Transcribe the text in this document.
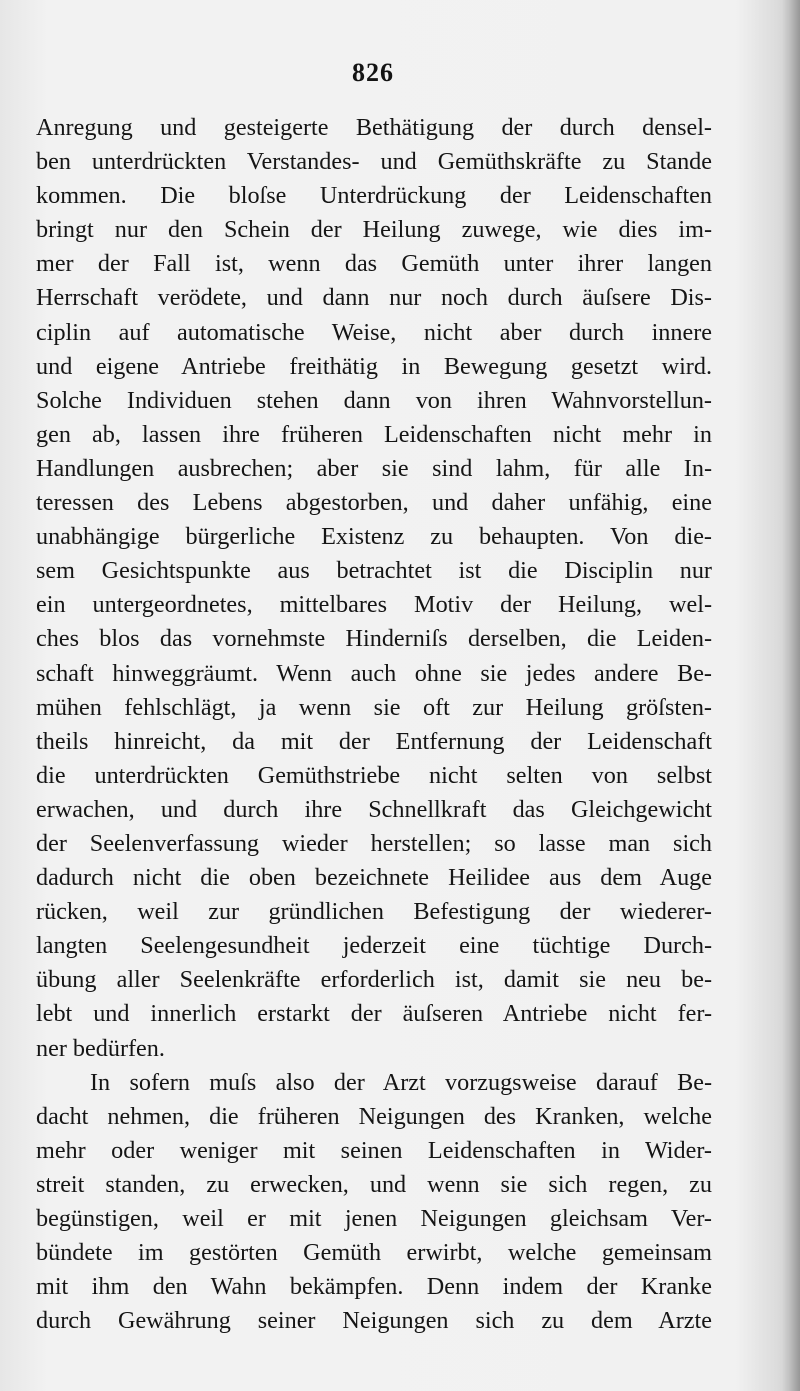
826
Anregung und gesteigerte Bethätigung der durch densel-
ben unterdrückten Verstandes- und Gemüthskräfte zu Stande
kommen. Die bloſse Unterdrückung der Leidenschaften
bringt nur den Schein der Heilung zuwege, wie dies im-
mer der Fall ist, wenn das Gemüth unter ihrer langen
Herrschaft verödete, und dann nur noch durch äuſsere Dis-
ciplin auf automatische Weise, nicht aber durch innere
und eigene Antriebe freithätig in Bewegung gesetzt wird.
Solche Individuen stehen dann von ihren Wahnvorstellun-
gen ab, lassen ihre früheren Leidenschaften nicht mehr in
Handlungen ausbrechen; aber sie sind lahm, für alle In-
teressen des Lebens abgestorben, und daher unfähig, eine
unabhängige bürgerliche Existenz zu behaupten. Von die-
sem Gesichtspunkte aus betrachtet ist die Disciplin nur
ein untergeordnetes, mittelbares Motiv der Heilung, wel-
ches blos das vornehmste Hinderniſs derselben, die Leiden-
schaft hinweggräumt. Wenn auch ohne sie jedes andere Be-
mühen fehlschlägt, ja wenn sie oft zur Heilung gröſsten-
theils hinreicht, da mit der Entfernung der Leidenschaft
die unterdrückten Gemüthstriebe nicht selten von selbst
erwachen, und durch ihre Schnellkraft das Gleichgewicht
der Seelenverfassung wieder herstellen; so lasse man sich
dadurch nicht die oben bezeichnete Heilidee aus dem Auge
rücken, weil zur gründlichen Befestigung der wiederer-
langten Seelengesundheit jederzeit eine tüchtige Durch-
übung aller Seelenkräfte erforderlich ist, damit sie neu be-
lebt und innerlich erstarkt der äuſseren Antriebe nicht fer-
ner bedürfen.
In sofern muſs also der Arzt vorzugsweise darauf Be-
dacht nehmen, die früheren Neigungen des Kranken, welche
mehr oder weniger mit seinen Leidenschaften in Wider-
streit standen, zu erwecken, und wenn sie sich regen, zu
begünstigen, weil er mit jenen Neigungen gleichsam Ver-
bündete im gestörten Gemüth erwirbt, welche gemeinsam
mit ihm den Wahn bekämpfen. Denn indem der Kranke
durch Gewährung seiner Neigungen sich zu dem Arzte
